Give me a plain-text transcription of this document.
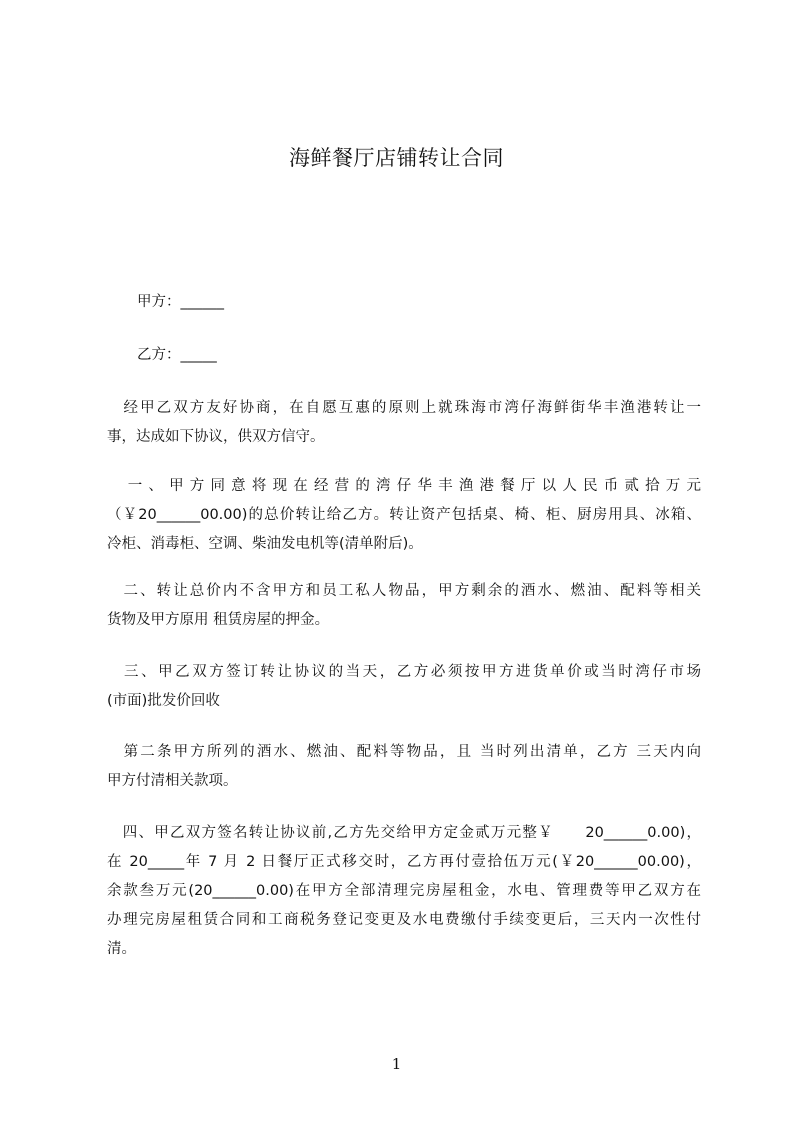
海鲜餐厅店铺转让合同
甲方：______
乙方：_____
　经甲乙双方友好协商，在自愿互惠的原则上就珠海市湾仔海鲜街华丰渔港转让一
事，达成如下协议，供双方信守。
　一、甲方同意将现在经营的湾仔华丰渔港餐厅以人民币贰拾万元
（￥20______00.00)的总价转让给乙方。转让资产包括桌、椅、柜、厨房用具、冰箱、
冷柜、消毒柜、空调、柴油发电机等(清单附后)。
　二、转让总价内不含甲方和员工私人物品，甲方剩余的酒水、燃油、配料等相关
货物及甲方原用 租赁房屋的押金。
　三、甲乙双方签订转让协议的当天，乙方必须按甲方进货单价或当时湾仔市场
(市面)批发价回收
　第二条甲方所列的酒水、燃油、配料等物品，且 当时列出清单，乙方 三天内向
甲方付清相关款项。
　四、甲乙双方签名转让协议前,乙方先交给甲方定金贰万元整￥　　20______0.00)，
在 20_____年 7 月 2 日餐厅正式移交时，乙方再付壹拾伍万元(￥20______00.00)，
余款叁万元(20______0.00)在甲方全部清理完房屋租金，水电、管理费等甲乙双方在
办理完房屋租赁合同和工商税务登记变更及水电费缴付手续变更后，三天内一次性付
清。
1
